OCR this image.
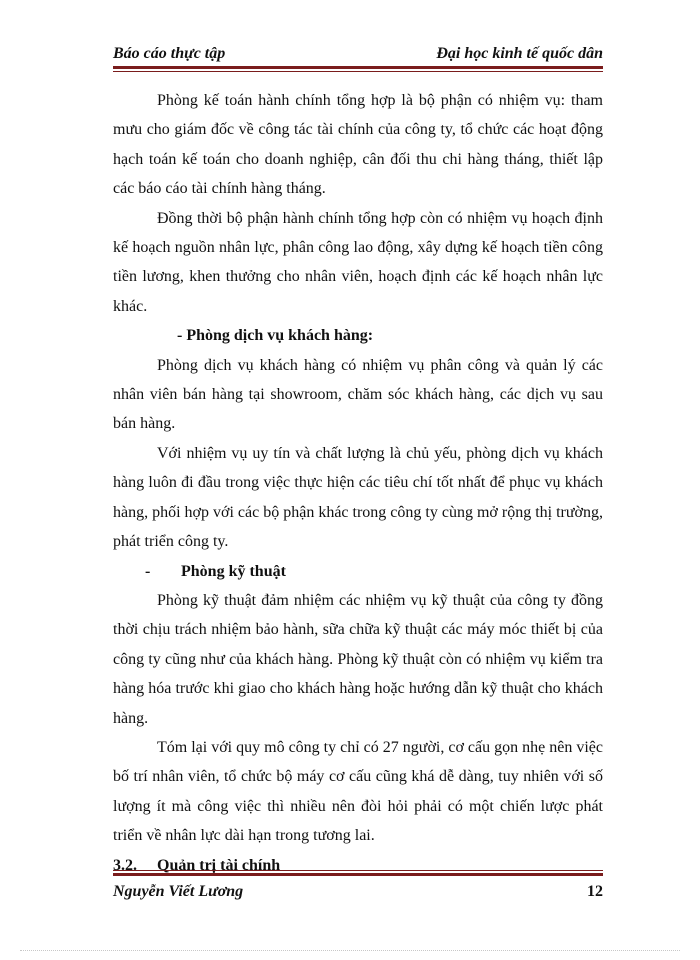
Báo cáo thực tập	Đại học kinh tế quốc dân

Phòng kế toán hành chính tổng hợp là bộ phận có nhiệm vụ: tham mưu cho giám đốc về công tác tài chính của công ty, tổ chức các hoạt động hạch toán kế toán cho doanh nghiệp, cân đối thu chi hàng tháng, thiết lập các báo cáo tài chính hàng tháng.

Đồng thời bộ phận hành chính tổng hợp còn có nhiệm vụ hoạch định kế hoạch nguồn nhân lực, phân công lao động, xây dựng kế hoạch tiền công tiền lương, khen thưởng cho nhân viên, hoạch định các kế hoạch nhân lực khác.

- Phòng dịch vụ khách hàng:

Phòng dịch vụ khách hàng có nhiệm vụ phân công và quản lý các nhân viên bán hàng tại showroom, chăm sóc khách hàng, các dịch vụ sau bán hàng.

Với nhiệm vụ uy tín và chất lượng là chủ yếu, phòng dịch vụ khách hàng luôn đi đầu trong việc thực hiện các tiêu chí tốt nhất để phục vụ khách hàng, phối hợp với các bộ phận khác trong công ty cùng mở rộng thị trường, phát triển công ty.

- Phòng kỹ thuật

Phòng kỹ thuật đảm nhiệm các nhiệm vụ kỹ thuật của công ty đồng thời chịu trách nhiệm bảo hành, sữa chữa kỹ thuật các máy móc thiết bị của công ty cũng như của khách hàng. Phòng kỹ thuật còn có nhiệm vụ kiểm tra hàng hóa trước khi giao cho khách hàng hoặc hướng dẫn kỹ thuật cho khách hàng.

Tóm lại với quy mô công ty chỉ có 27 người, cơ cấu gọn nhẹ nên việc bố trí nhân viên, tổ chức bộ máy cơ cấu cũng khá dễ dàng, tuy nhiên với số lượng ít mà công việc thì nhiều nên đòi hỏi phải có một chiến lược phát triển về nhân lực dài hạn trong tương lai.

3.2. Quản trị tài chính

Nguyễn Viết Lương	12
